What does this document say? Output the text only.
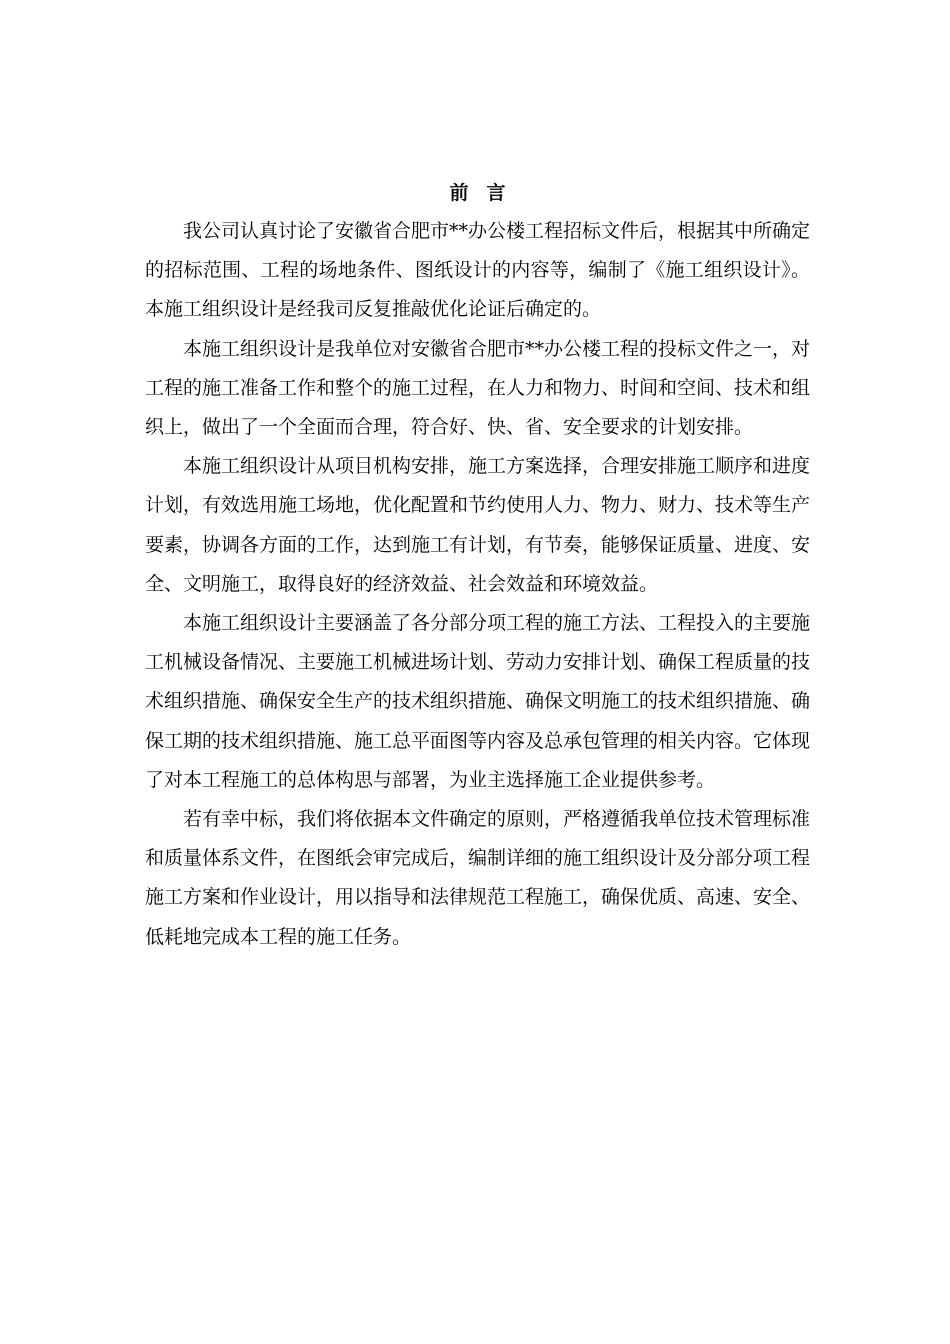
前言

我公司认真讨论了安徽省合肥市**办公楼工程招标文件后，根据其中所确定的招标范围、工程的场地条件、图纸设计的内容等，编制了《施工组织设计》。本施工组织设计是经我司反复推敲优化论证后确定的。

本施工组织设计是我单位对安徽省合肥市**办公楼工程的投标文件之一，对工程的施工准备工作和整个的施工过程，在人力和物力、时间和空间、技术和组织上，做出了一个全面而合理，符合好、快、省、安全要求的计划安排。

本施工组织设计从项目机构安排，施工方案选择，合理安排施工顺序和进度计划，有效选用施工场地，优化配置和节约使用人力、物力、财力、技术等生产要素，协调各方面的工作，达到施工有计划，有节奏，能够保证质量、进度、安全、文明施工，取得良好的经济效益、社会效益和环境效益。

本施工组织设计主要涵盖了各分部分项工程的施工方法、工程投入的主要施工机械设备情况、主要施工机械进场计划、劳动力安排计划、确保工程质量的技术组织措施、确保安全生产的技术组织措施、确保文明施工的技术组织措施、确保工期的技术组织措施、施工总平面图等内容及总承包管理的相关内容。它体现了对本工程施工的总体构思与部署，为业主选择施工企业提供参考。

若有幸中标，我们将依据本文件确定的原则，严格遵循我单位技术管理标准和质量体系文件，在图纸会审完成后，编制详细的施工组织设计及分部分项工程施工方案和作业设计，用以指导和法律规范工程施工，确保优质、高速、安全、低耗地完成本工程的施工任务。
